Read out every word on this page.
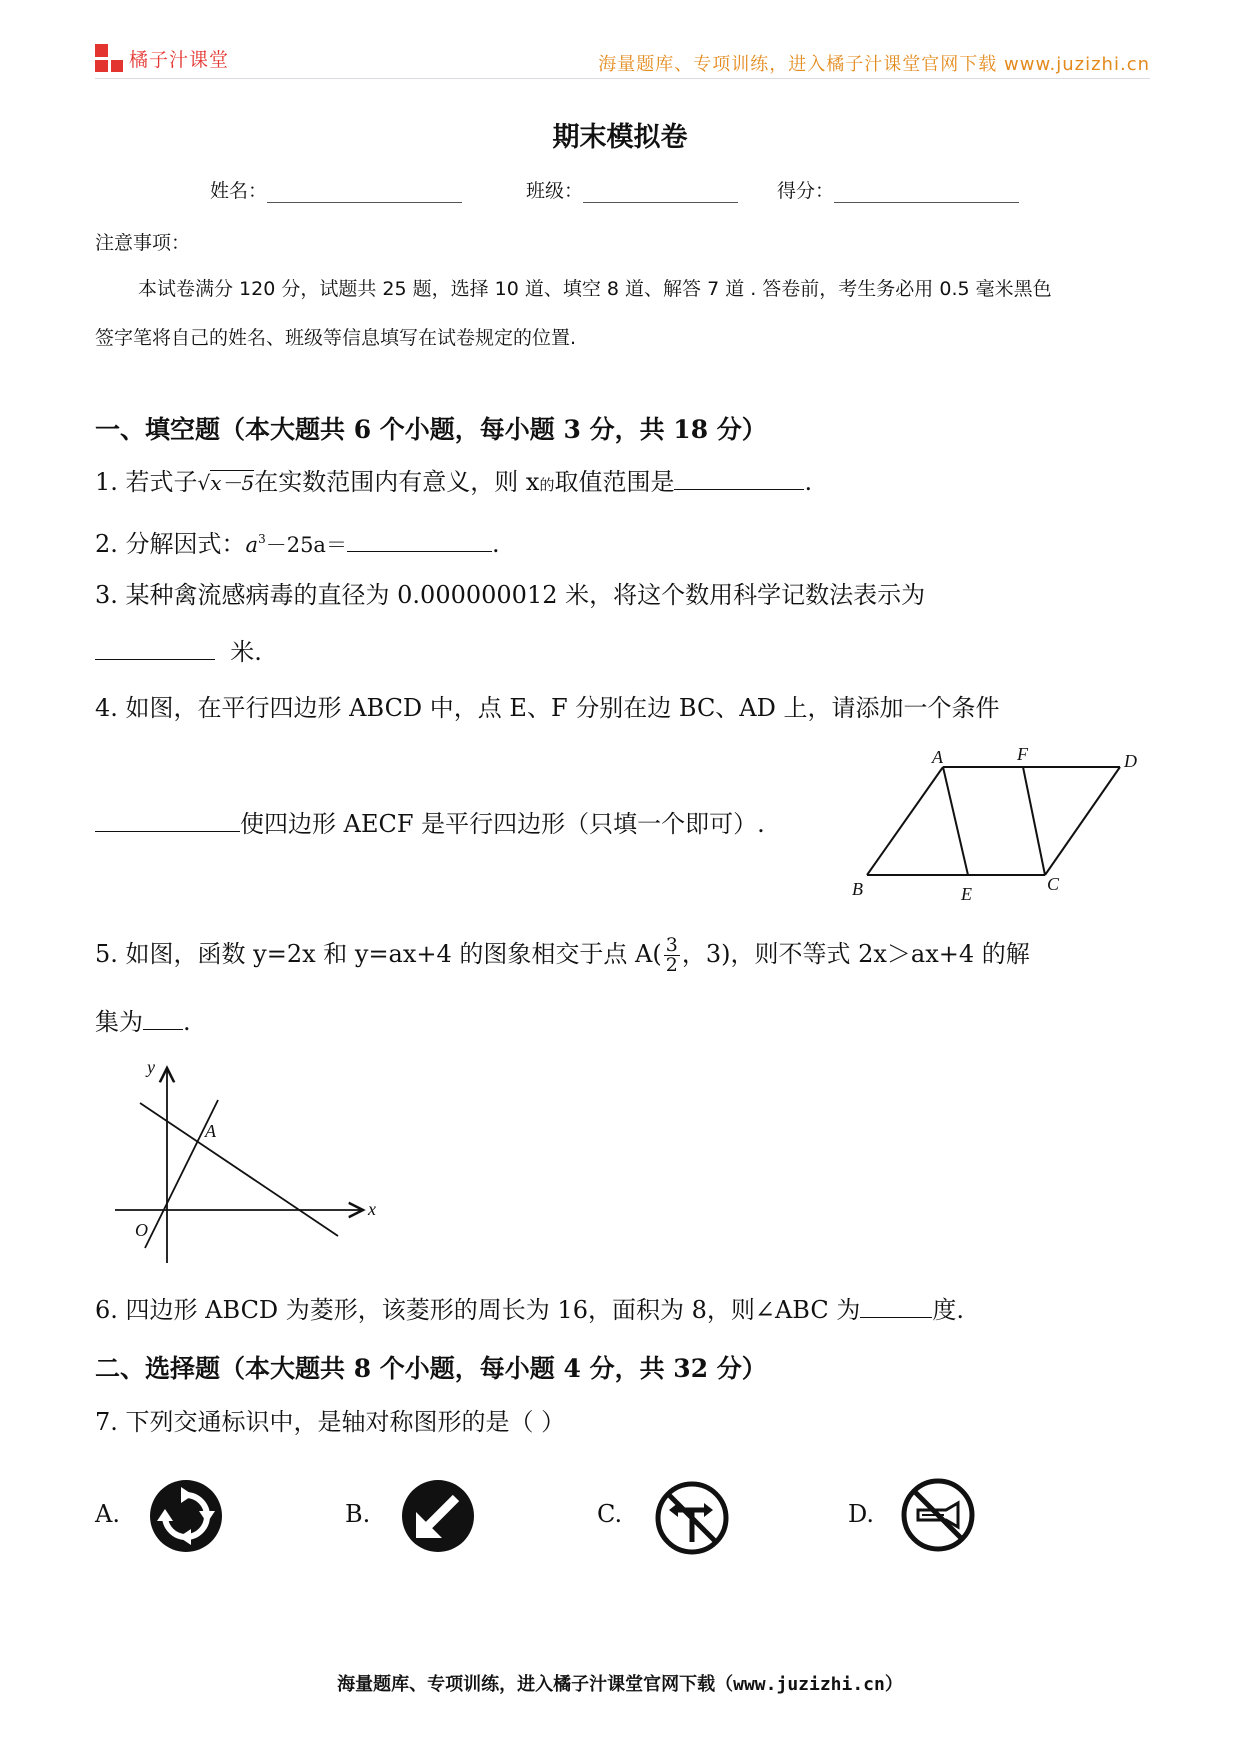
橘子汁课堂	海量题库、专项训练，进入橘子汁课堂官网下载 www.juzizhi.cn
期末模拟卷
姓名：	班级：	得分：
注意事项：
本试卷满分 120 分，试题共 25 题，选择 10 道、填空 8 道、解答 7 道 . 答卷前，考生务必用 0.5 毫米黑色
签字笔将自己的姓名、班级等信息填写在试卷规定的位置.
一、填空题（本大题共 6 个小题，每小题 3 分，共 18 分）
1. 若式子√x－5在实数范围内有意义，则 x的取值范围是	.
2. 分解因式：$a^3-25a=$	.
3. 某种禽流感病毒的直径为 0.000000012 米，将这个数用科学记数法表示为
米.
4. 如图，在平行四边形 ABCD 中，点 E、F 分别在边 BC、AD 上，请添加一个条件
使四边形 AECF 是平行四边形（只填一个即可）.
A	F	D
B	E	C
5. 如图，函数 y=2x 和 y=ax+4 的图象相交于点 $A( \frac{3}{2}$ ，3)，则不等式 2x＞ax+4 的解
集为 .
y
x
O
A
6. 四边形 ABCD 为菱形，该菱形的周长为 16，面积为 8，则∠ABC 为	度.
二、选择题（本大题共 8 个小题，每小题 4 分，共 32 分）
7. 下列交通标识中，是轴对称图形的是（ ）
A.	B.	C.	D.
海量题库、专项训练，进入橘子汁课堂官网下载（www.juzizhi.cn）
